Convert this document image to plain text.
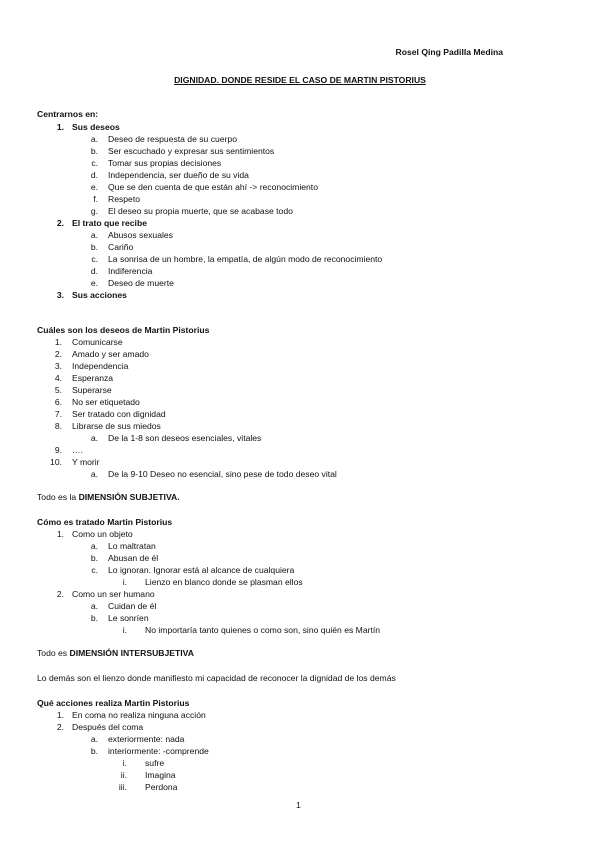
Rosel Qing Padilla Medina
DIGNIDAD. DONDE RESIDE EL CASO DE MARTIN PISTORIUS
Centrarnos en:
1. Sus deseos
a. Deseo de respuesta de su cuerpo
b. Ser escuchado y expresar sus sentimientos
c. Tomar sus propias decisiones
d. Independencia, ser dueño de su vida
e. Que se den cuenta de que están ahí -> reconocimiento
f. Respeto
g. El deseo su propia muerte, que se acabase todo
2. El trato que recibe
a. Abusos sexuales
b. Cariño
c. La sonrisa de un hombre, la empatía, de algún modo de reconocimiento
d. Indiferencia
e. Deseo de muerte
3. Sus acciones
Cuáles son los deseos de Martin Pistorius
1. Comunicarse
2. Amado y ser amado
3. Independencia
4. Esperanza
5. Superarse
6. No ser etiquetado
7. Ser tratado con dignidad
8. Librarse de sus miedos
a. De la 1-8 son deseos esenciales, vitales
9. ….
10. Y morir
a. De la 9-10 Deseo no esencial, sino pese de todo deseo vital
Todo es la DIMENSIÓN SUBJETIVA.
Cómo es tratado Martin Pistorius
1. Como un objeto
a. Lo maltratan
b. Abusan de él
c. Lo ignoran. Ignorar está al alcance de cualquiera
i. Lienzo en blanco donde se plasman ellos
2. Como un ser humano
a. Cuidan de él
b. Le sonríen
i. No importaría tanto quienes o como son, sino quién es Martín
Todo es DIMENSIÓN INTERSUBJETIVA
Lo demás son el lienzo donde manifiesto mi capacidad de reconocer la dignidad de los demás
Qué acciones realiza Martin Pistorius
1. En coma no realiza ninguna acción
2. Después del coma
a. exteriormente: nada
b. interiormente: -comprende
i. sufre
ii. Imagina
iii. Perdona
1
